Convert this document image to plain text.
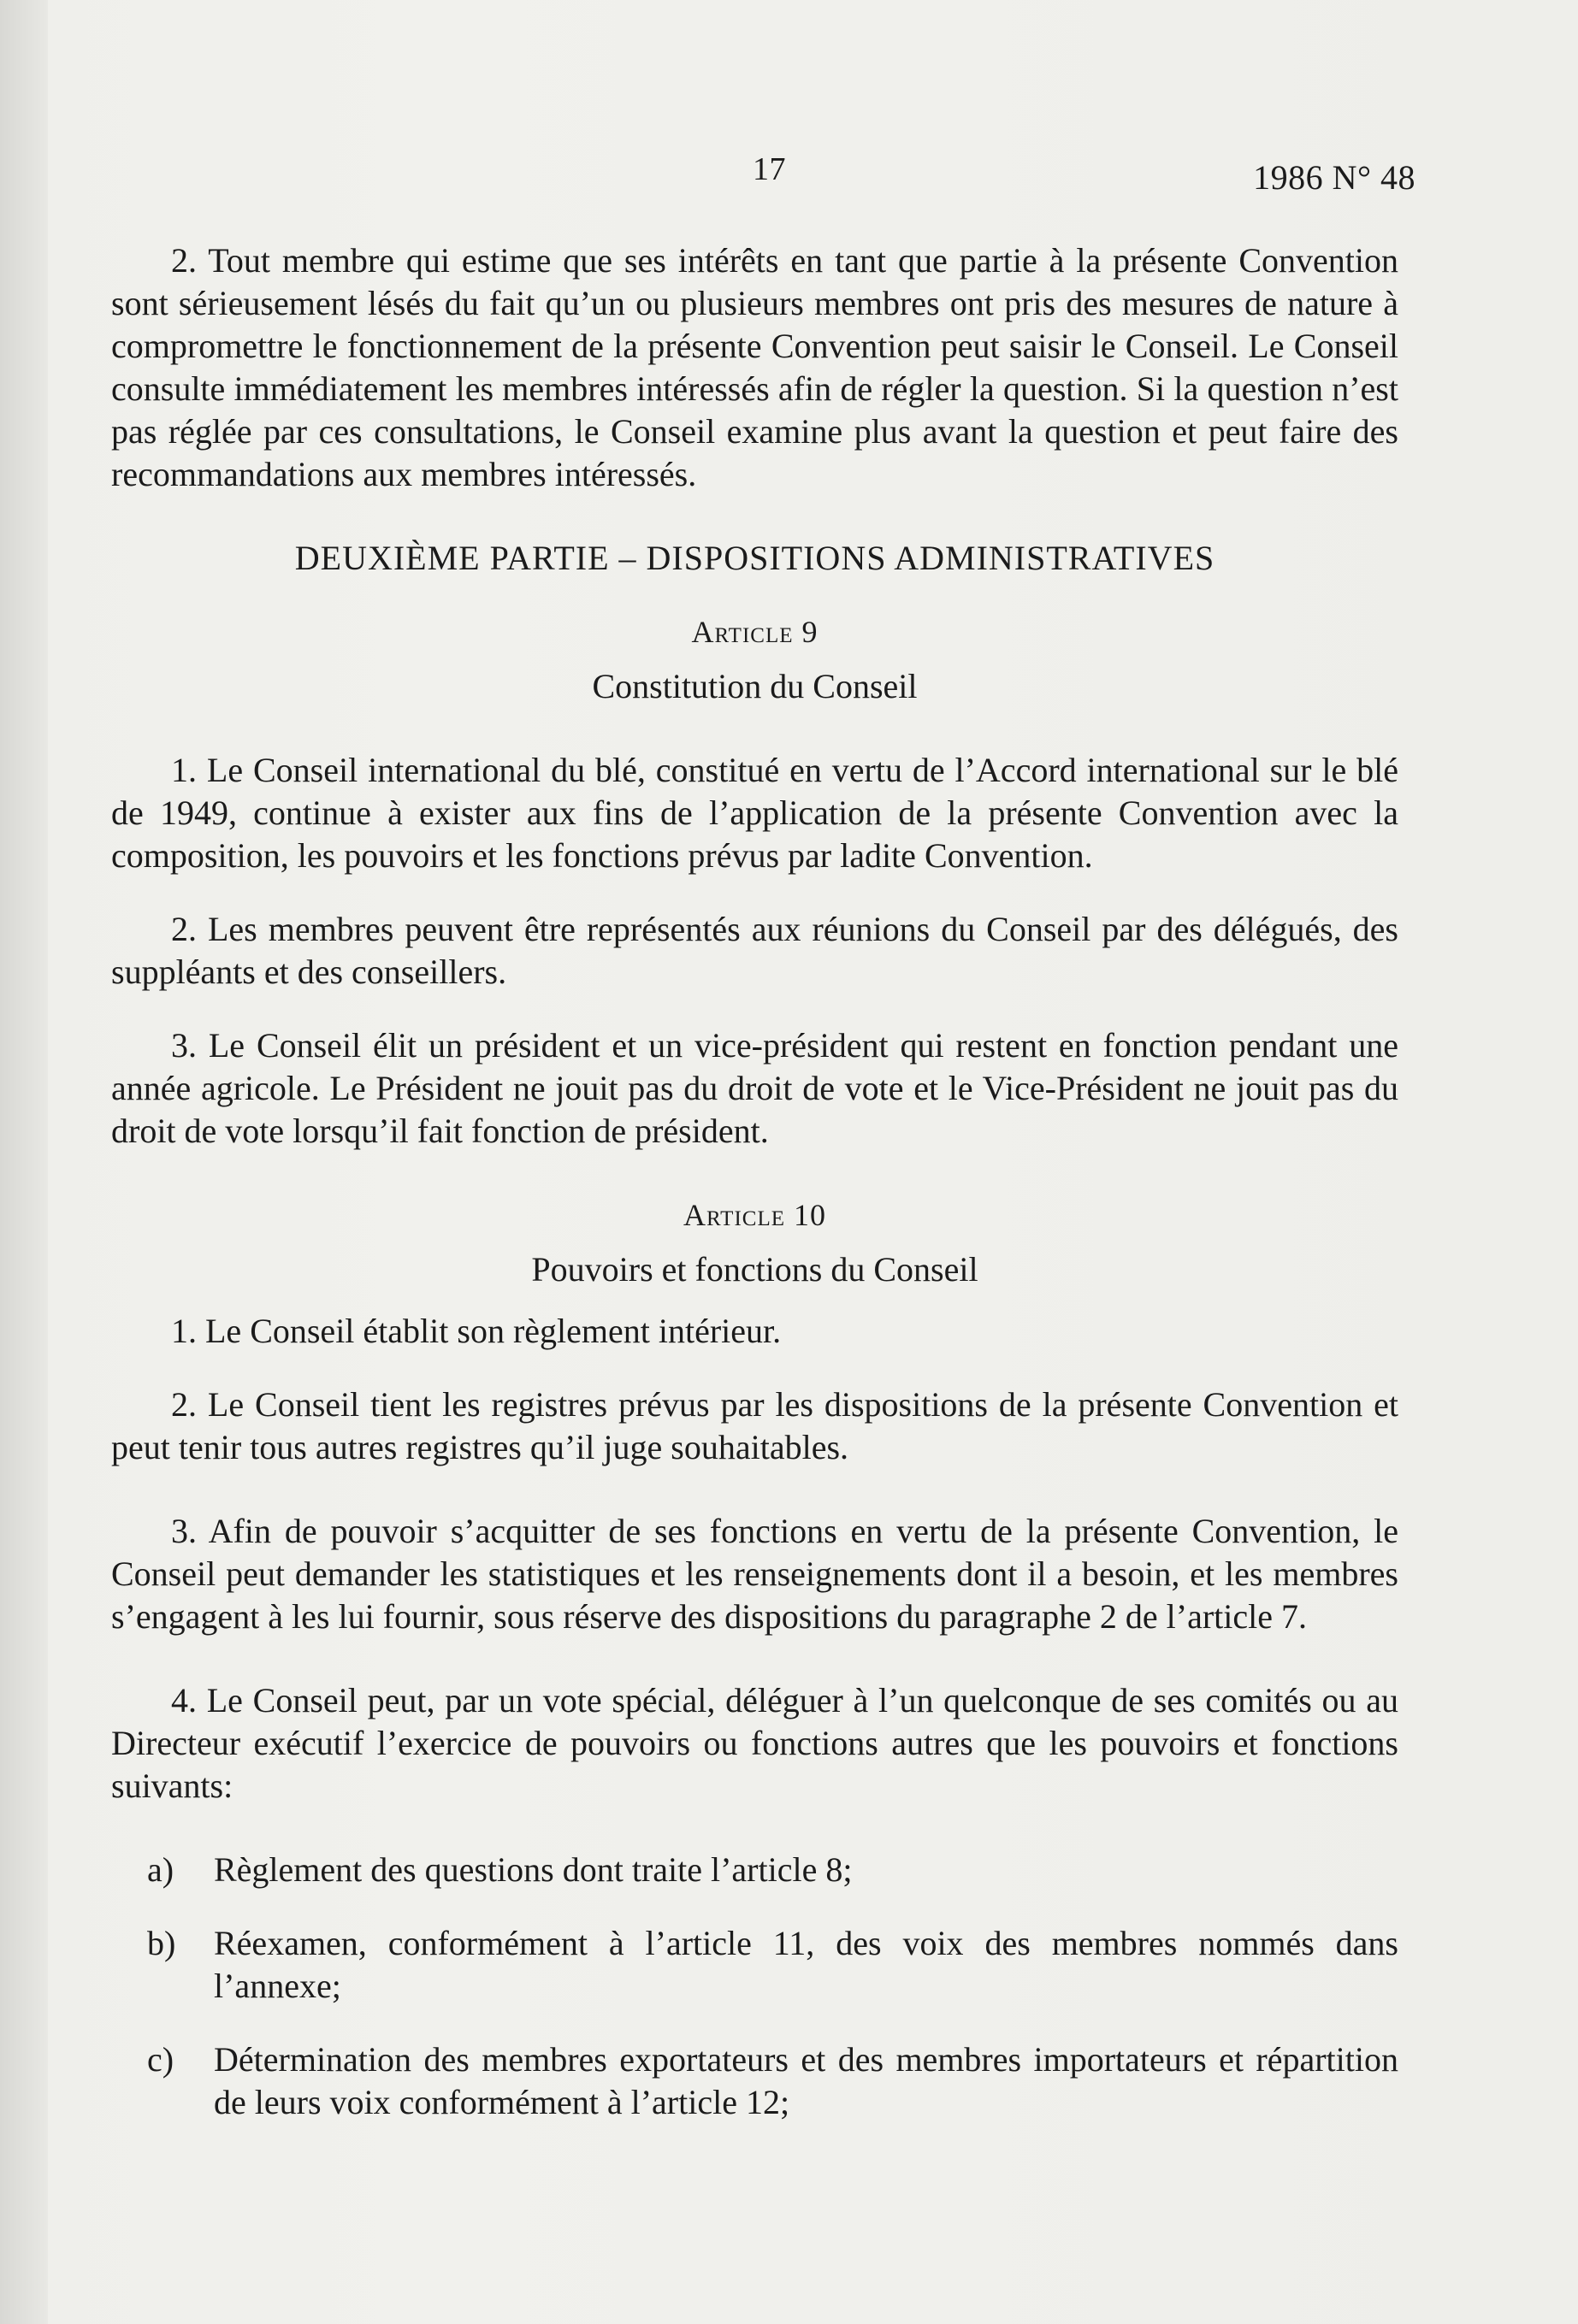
17	1986 N° 48

2. Tout membre qui estime que ses intérêts en tant que partie à la présente Convention sont sérieusement lésés du fait qu’un ou plusieurs membres ont pris des mesures de nature à compromettre le fonctionnement de la présente Convention peut saisir le Conseil. Le Conseil consulte immédiatement les membres intéressés afin de régler la question. Si la question n’est pas réglée par ces consultations, le Conseil examine plus avant la question et peut faire des recommandations aux membres intéressés.

DEUXIÈME PARTIE – DISPOSITIONS ADMINISTRATIVES

Article 9

Constitution du Conseil

1. Le Conseil international du blé, constitué en vertu de l’Accord international sur le blé de 1949, continue à exister aux fins de l’application de la présente Convention avec la composition, les pouvoirs et les fonctions prévus par ladite Convention.

2. Les membres peuvent être représentés aux réunions du Conseil par des délégués, des suppléants et des conseillers.

3. Le Conseil élit un président et un vice-président qui restent en fonction pendant une année agricole. Le Président ne jouit pas du droit de vote et le Vice-Président ne jouit pas du droit de vote lorsqu’il fait fonction de président.

Article 10

Pouvoirs et fonctions du Conseil

1. Le Conseil établit son règlement intérieur.

2. Le Conseil tient les registres prévus par les dispositions de la présente Convention et peut tenir tous autres registres qu’il juge souhaitables.

3. Afin de pouvoir s’acquitter de ses fonctions en vertu de la présente Convention, le Conseil peut demander les statistiques et les renseignements dont il a besoin, et les membres s’engagent à les lui fournir, sous réserve des dispositions du paragraphe 2 de l’article 7.

4. Le Conseil peut, par un vote spécial, déléguer à l’un quelconque de ses comités ou au Directeur exécutif l’exercice de pouvoirs ou fonctions autres que les pouvoirs et fonctions suivants:

a) Règlement des questions dont traite l’article 8;
b) Réexamen, conformément à l’article 11, des voix des membres nommés dans l’annexe;
c) Détermination des membres exportateurs et des membres importateurs et répartition de leurs voix conformément à l’article 12;
